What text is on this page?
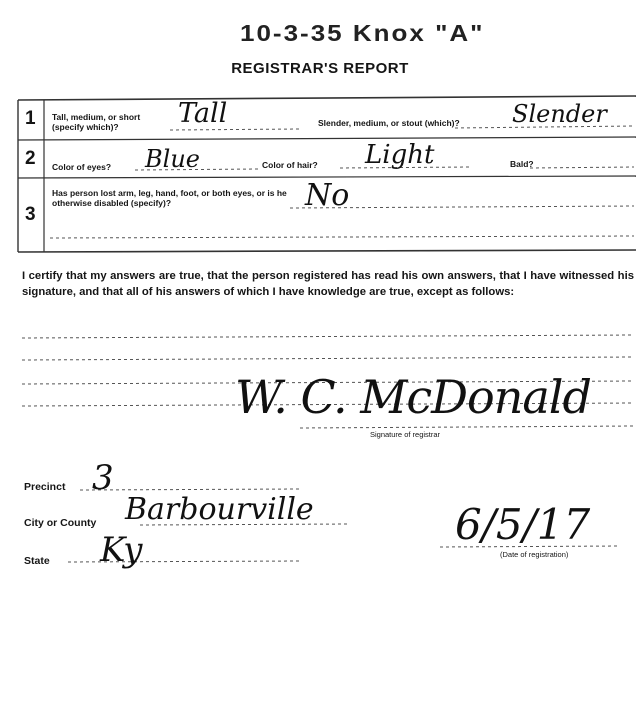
10-3-35 Knox "A"
REGISTRAR'S REPORT
1 Tall, medium, or short (specify which)?	Tall	Slender, medium, or stout (which)? Slender
2 Color of eyes? Blue	Color of hair? Light	Bald?
3
Has person lost arm, leg, hand, foot, or both eyes, or is he otherwise disabled (specify)?	No
I certify that my answers are true, that the person registered has read his own answers, that I have witnessed his signature, and that all of his answers of which I have knowledge are true, except as follows:
W. C. McDonald
Signature of registrar
Precinct 3
City or County Barbourville
State Ky
6/5/17
(Date of registration)
